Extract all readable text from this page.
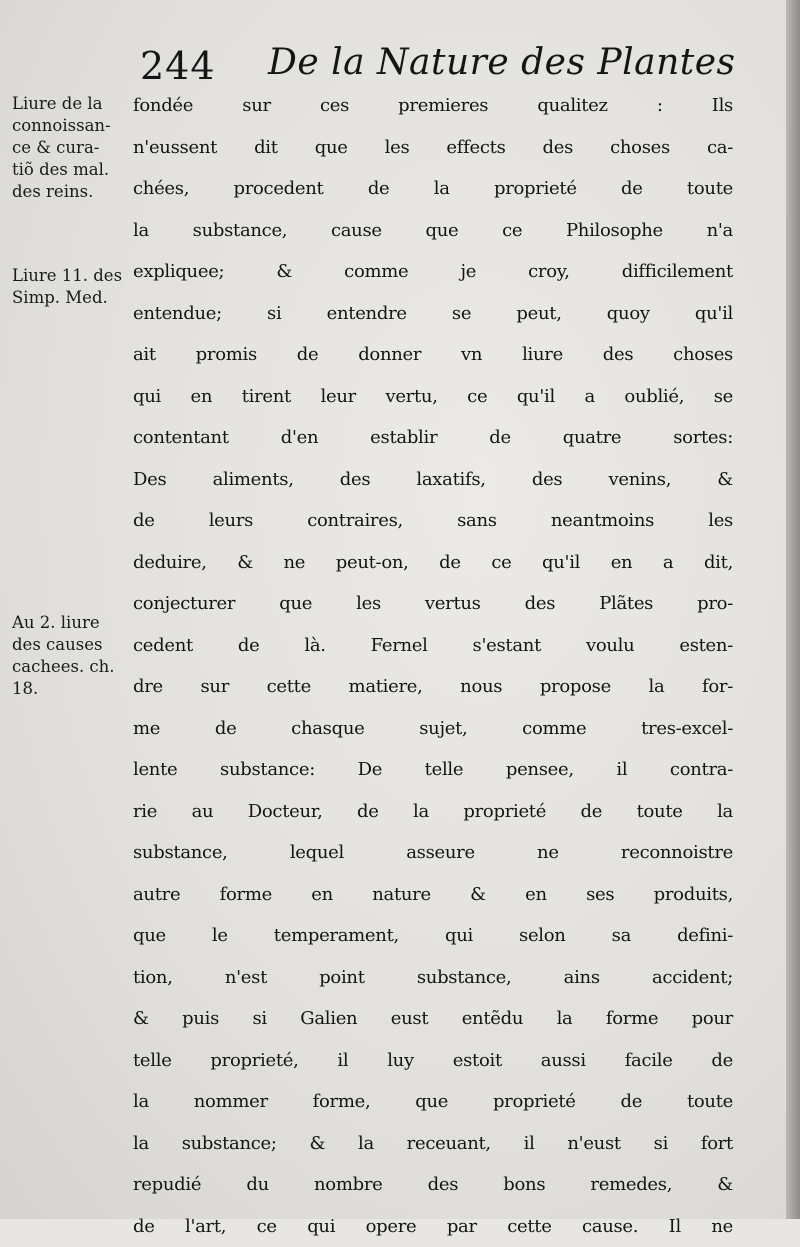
244 De la Nature des Plantes
Liure de la
connoissan-
ce & cura-
tiõ des mal.
des reins.
Liure 11. des
Simp. Med.
Au 2. liure
des causes
cachees. ch.
18.
fondée sur ces premieres qualitez : Ils
n'eussent dit que les effects des choses ca-
chées, procedent de la proprieté de toute
la substance, cause que ce Philosophe n'a
expliquee; & comme je croy, difficilement
entendue; si entendre se peut, quoy qu'il
ait promis de donner vn liure des choses
qui en tirent leur vertu, ce qu'il a oublié, se
contentant d'en establir de quatre sortes:
Des aliments, des laxatifs, des venins, &
de leurs contraires, sans neantmoins les
deduire, & ne peut-on, de ce qu'il en a dit,
conjecturer que les vertus des Plãtes pro-
cedent de là. Fernel s'estant voulu esten-
dre sur cette matiere, nous propose la for-
me de chasque sujet, comme tres-excel-
lente substance: De telle pensee, il contra-
rie au Docteur, de la proprieté de toute la
substance, lequel asseure ne reconnoistre
autre forme en nature & en ses produits,
que le temperament, qui selon sa defini-
tion, n'est point substance, ains accident;
& puis si Galien eust entẽdu la forme pour
telle proprieté, il luy estoit aussi facile de
la nommer forme, que proprieté de toute
la substance; & la receuant, il n'eust si fort
repudié du nombre des bons remedes, &
de l'art, ce qui opere par cette cause. Il ne
